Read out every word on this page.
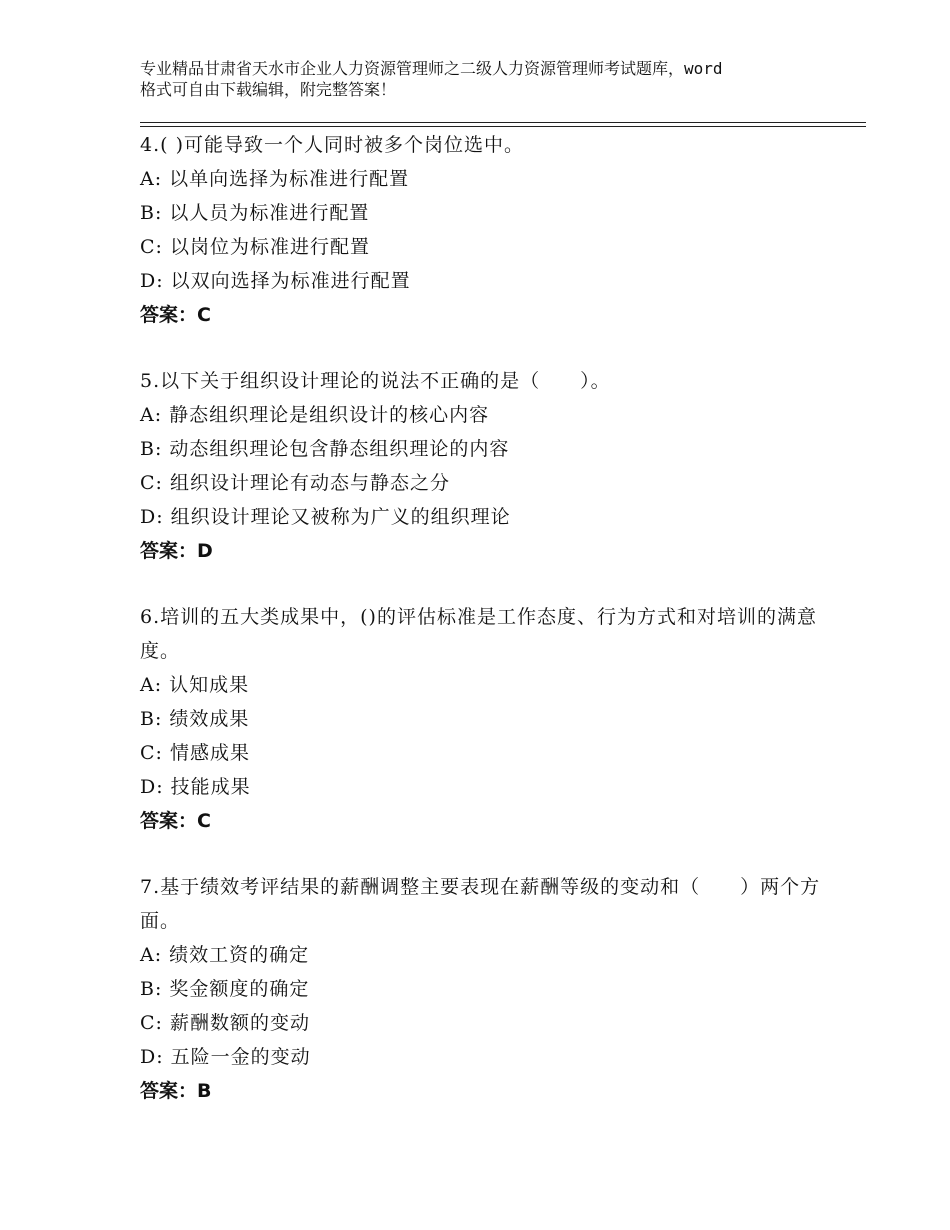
专业精品甘肃省天水市企业人力资源管理师之二级人力资源管理师考试题库，word
格式可自由下载编辑，附完整答案！

4.( )可能导致一个人同时被多个岗位选中。

A: 以单向选择为标准进行配置

B: 以人员为标准进行配置

C: 以岗位为标准进行配置

D: 以双向选择为标准进行配置

答案：C

5.以下关于组织设计理论的说法不正确的是（　　）。

A: 静态组织理论是组织设计的核心内容

B: 动态组织理论包含静态组织理论的内容

C: 组织设计理论有动态与静态之分

D: 组织设计理论又被称为广义的组织理论

答案：D

6.培训的五大类成果中，()的评估标准是工作态度、行为方式和对培训的满意度。

A: 认知成果

B: 绩效成果

C: 情感成果

D: 技能成果

答案：C

7.基于绩效考评结果的薪酬调整主要表现在薪酬等级的变动和（　　）两个方面。

A: 绩效工资的确定

B: 奖金额度的确定

C: 薪酬数额的变动

D: 五险一金的变动

答案：B
